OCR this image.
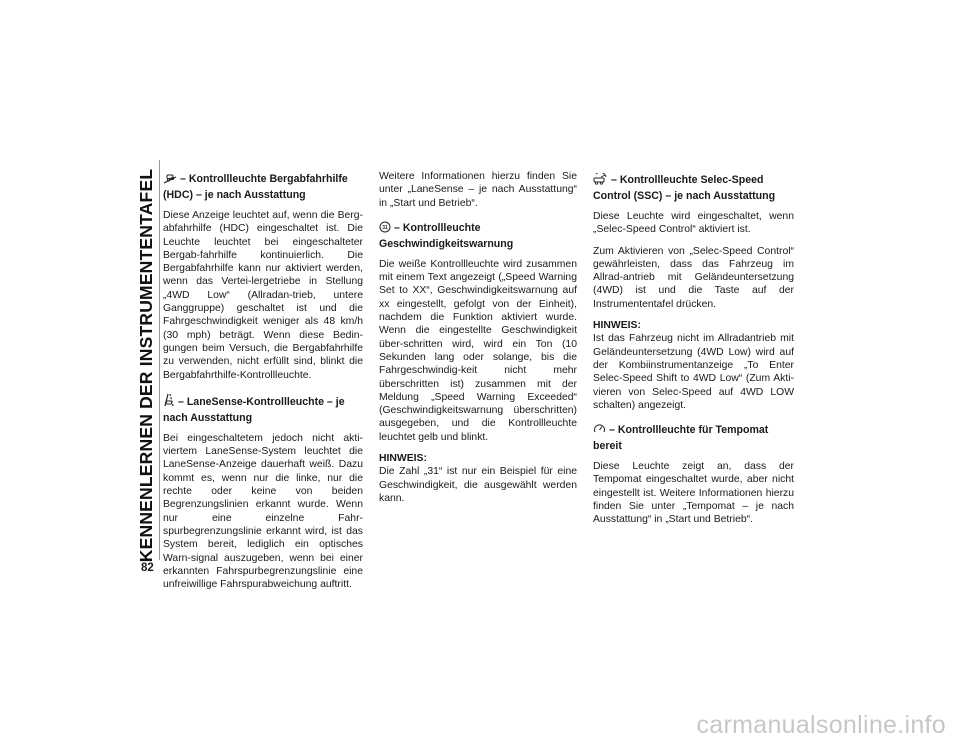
KENNENLERNEN DER INSTRUMENTENTAFEL
82
– Kontrollleuchte Bergabfahrhilfe (HDC) – je nach Ausstattung

Diese Anzeige leuchtet auf, wenn die Berg-abfahrhilfe (HDC) eingeschaltet ist. Die Leuchte leuchtet bei eingeschalteter Bergab-fahrhilfe kontinuierlich. Die Bergabfahrhilfe kann nur aktiviert werden, wenn das Vertei-lergetriebe in Stellung „4WD Low“ (Allradan-trieb, untere Ganggruppe) geschaltet ist und die Fahrgeschwindigkeit weniger als 48 km/h (30 mph) beträgt. Wenn diese Bedin-gungen beim Versuch, die Bergabfahrhilfe zu verwenden, nicht erfüllt sind, blinkt die Bergabfahrthilfe-Kontrollleuchte.

– LaneSense-Kontrollleuchte – je nach Ausstattung

Bei eingeschaltetem jedoch nicht akti-viertem LaneSense-System leuchtet die LaneSense-Anzeige dauerhaft weiß. Dazu kommt es, wenn nur die linke, nur die rechte oder keine von beiden Begrenzungslinien erkannt wurde. Wenn nur eine einzelne Fahr-spurbegrenzungslinie erkannt wird, ist das System bereit, lediglich ein optisches Warn-signal auszugeben, wenn bei einer erkannten Fahrspurbegrenzungslinie eine unfreiwillige Fahrspurabweichung auftritt.

Weitere Informationen hierzu finden Sie unter „LaneSense – je nach Ausstattung“ in „Start und Betrieb“.

31 – Kontrollleuchte Geschwindigkeitswarnung

Die weiße Kontrollleuchte wird zusammen mit einem Text angezeigt („Speed Warning Set to XX“, Geschwindigkeitswarnung auf xx eingestellt, gefolgt von der Einheit), nachdem die Funktion aktiviert wurde. Wenn die eingestellte Geschwindigkeit über-schritten wird, wird ein Ton (10 Sekunden lang oder solange, bis die Fahrgeschwindig-keit nicht mehr überschritten ist) zusammen mit der Meldung „Speed Warning Exceeded“ (Geschwindigkeitswarnung überschritten) ausgegeben, und die Kontrollleuchte leuchtet gelb und blinkt.

HINWEIS:
Die Zahl „31“ ist nur ein Beispiel für eine Geschwindigkeit, die ausgewählt werden kann.

– Kontrollleuchte Selec-Speed Control (SSC) – je nach Ausstattung

Diese Leuchte wird eingeschaltet, wenn „Selec-Speed Control“ aktiviert ist.

Zum Aktivieren von „Selec-Speed Control“ gewährleisten, dass das Fahrzeug im Allrad-antrieb mit Geländeuntersetzung (4WD) ist und die Taste auf der Instrumententafel drücken.

HINWEIS:
Ist das Fahrzeug nicht im Allradantrieb mit Geländeuntersetzung (4WD Low) wird auf der Kombiinstrumentanzeige „To Enter Selec-Speed Shift to 4WD Low“ (Zum Akti-vieren von Selec-Speed auf 4WD LOW schalten) angezeigt.

– Kontrollleuchte für Tempomat bereit

Diese Leuchte zeigt an, dass der Tempomat eingeschaltet wurde, aber nicht eingestellt ist. Weitere Informationen hierzu finden Sie unter „Tempomat – je nach Ausstattung“ in „Start und Betrieb“.

carmanualsonline.info
